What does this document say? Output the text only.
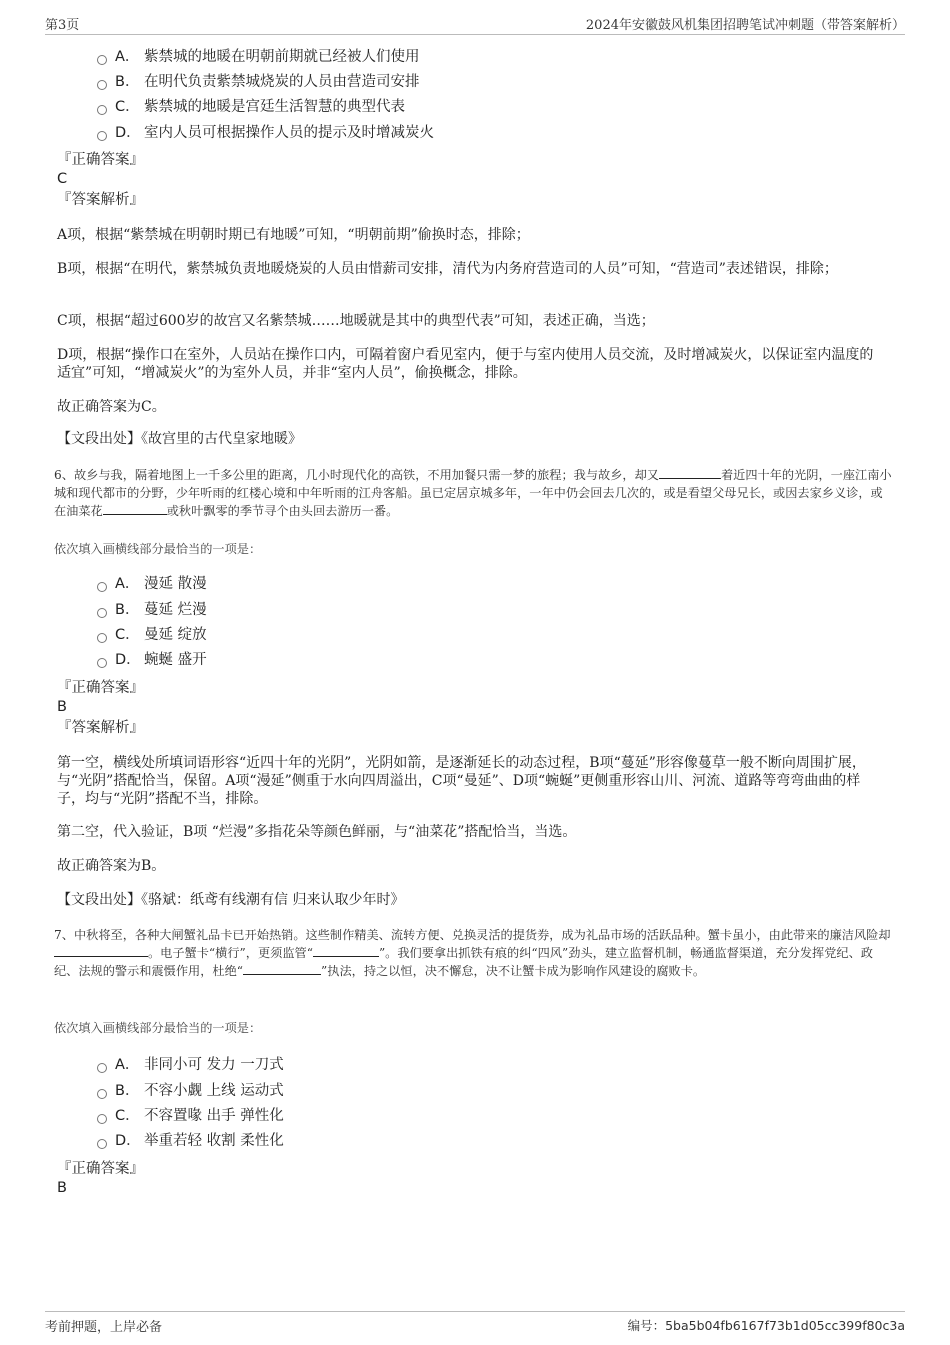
第3页	2024年安徽鼓风机集团招聘笔试冲刺题（带答案解析）
A． 紫禁城的地暖在明朝前期就已经被人们使用
B． 在明代负责紫禁城烧炭的人员由营造司安排
C． 紫禁城的地暖是宫廷生活智慧的典型代表
D． 室内人员可根据操作人员的提示及时增减炭火
『正确答案』
C
『答案解析』
A项，根据“紫禁城在明朝时期已有地暖”可知，“明朝前期”偷换时态，排除；
B项，根据“在明代，紫禁城负责地暖烧炭的人员由惜薪司安排，清代为内务府营造司的人员”可知，“营造司”表述错误，排除；
C项，根据“超过600岁的故宫又名紫禁城……地暖就是其中的典型代表”可知，表述正确，当选；
D项，根据“操作口在室外，人员站在操作口内，可隔着窗户看见室内，便于与室内使用人员交流，及时增减炭火，以保证室内温度的适宜”可知，“增减炭火”的为室外人员，并非“室内人员”，偷换概念，排除。
故正确答案为C。
【文段出处】《故宫里的古代皇家地暖》
6、故乡与我，隔着地图上一千多公里的距离，几小时现代化的高铁，不用加餐只需一梦的旅程；我与故乡，却又	着近四十年的光阴，一座江南小城和现代都市的分野，少年听雨的红楼心境和中年听雨的江舟客船。虽已定居京城多年，一年中仍会回去几次的，或是看望父母兄长，或因去家乡义诊，或在油菜花	或秋叶飘零的季节寻个由头回去游历一番。
依次填入画横线部分最恰当的一项是：
A． 漫延 散漫
B． 蔓延 烂漫
C． 曼延 绽放
D． 蜿蜒 盛开
『正确答案』
B
『答案解析』
第一空，横线处所填词语形容“近四十年的光阴”，光阴如箭，是逐渐延长的动态过程，B项“蔓延”形容像蔓草一般不断向周围扩展，与“光阴”搭配恰当，保留。A项“漫延”侧重于水向四周溢出，C项“曼延”、D项“蜿蜒”更侧重形容山川、河流、道路等弯弯曲曲的样子，均与“光阴”搭配不当，排除。
第二空，代入验证，B项 “烂漫”多指花朵等颜色鲜丽，与“油菜花”搭配恰当，当选。
故正确答案为B。
【文段出处】《骆斌：纸鸢有线潮有信 归来认取少年时》
7、中秋将至，各种大闸蟹礼品卡已开始热销。这些制作精美、流转方便、兑换灵活的提货券，成为礼品市场的活跃品种。蟹卡虽小，由此带来的廉洁风险却。电子蟹卡“横行”，更须监管“	”。我们要拿出抓铁有痕的纠“四风”劲头，建立监督机制，畅通监督渠道，充分发挥党纪、政纪、法规的警示和震慑作用，杜绝“	”执法，持之以恒，决不懈怠，决不让蟹卡成为影响作风建设的腐败卡。
依次填入画横线部分最恰当的一项是：
A． 非同小可 发力 一刀式
B． 不容小觑 上线 运动式
C． 不容置喙 出手 弹性化
D． 举重若轻 收割 柔性化
『正确答案』
B
考前押题，上岸必备	编号：5ba5b04fb6167f73b1d05cc399f80c3a
